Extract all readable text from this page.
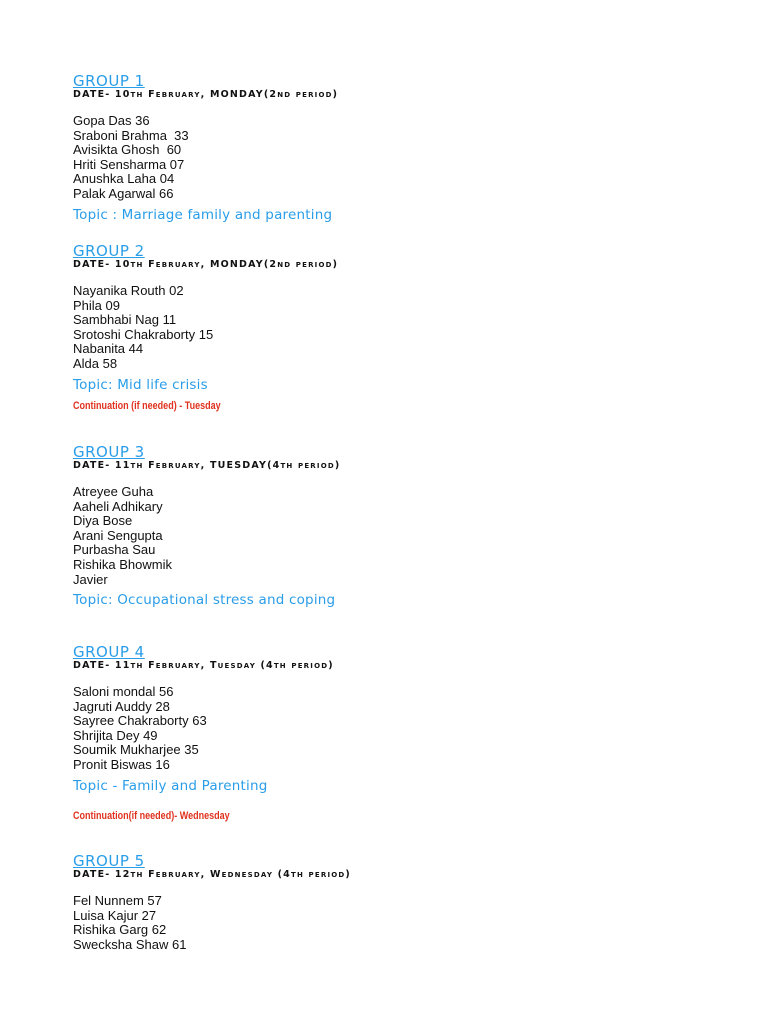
GROUP 1
DATE- 10th February, MONDAY(2nd period)
Gopa Das 36
Sraboni Brahma  33
Avisikta Ghosh  60
Hriti Sensharma 07
Anushka Laha 04
Palak Agarwal 66
Topic : Marriage family and parenting
GROUP 2
DATE- 10th February, MONDAY(2nd period)
Nayanika Routh 02
Phila 09
Sambhabi Nag 11
Srotoshi Chakraborty 15
Nabanita 44
Alda 58
Topic: Mid life crisis
Continuation (if needed) - Tuesday
GROUP 3
DATE- 11th February, TUESDAY(4th period)
Atreyee Guha
Aaheli Adhikary
Diya Bose
Arani Sengupta
Purbasha Sau
Rishika Bhowmik
Javier
Topic: Occupational stress and coping
GROUP 4
DATE- 11th February, Tuesday (4th period)
Saloni mondal 56
Jagruti Auddy 28
Sayree Chakraborty 63
Shrijita Dey 49
Soumik Mukharjee 35
Pronit Biswas 16
Topic - Family and Parenting
Continuation(if needed)- Wednesday
GROUP 5
DATE- 12th February, Wednesday (4th period)
Fel Nunnem 57
Luisa Kajur 27
Rishika Garg 62
Swecksha Shaw 61
